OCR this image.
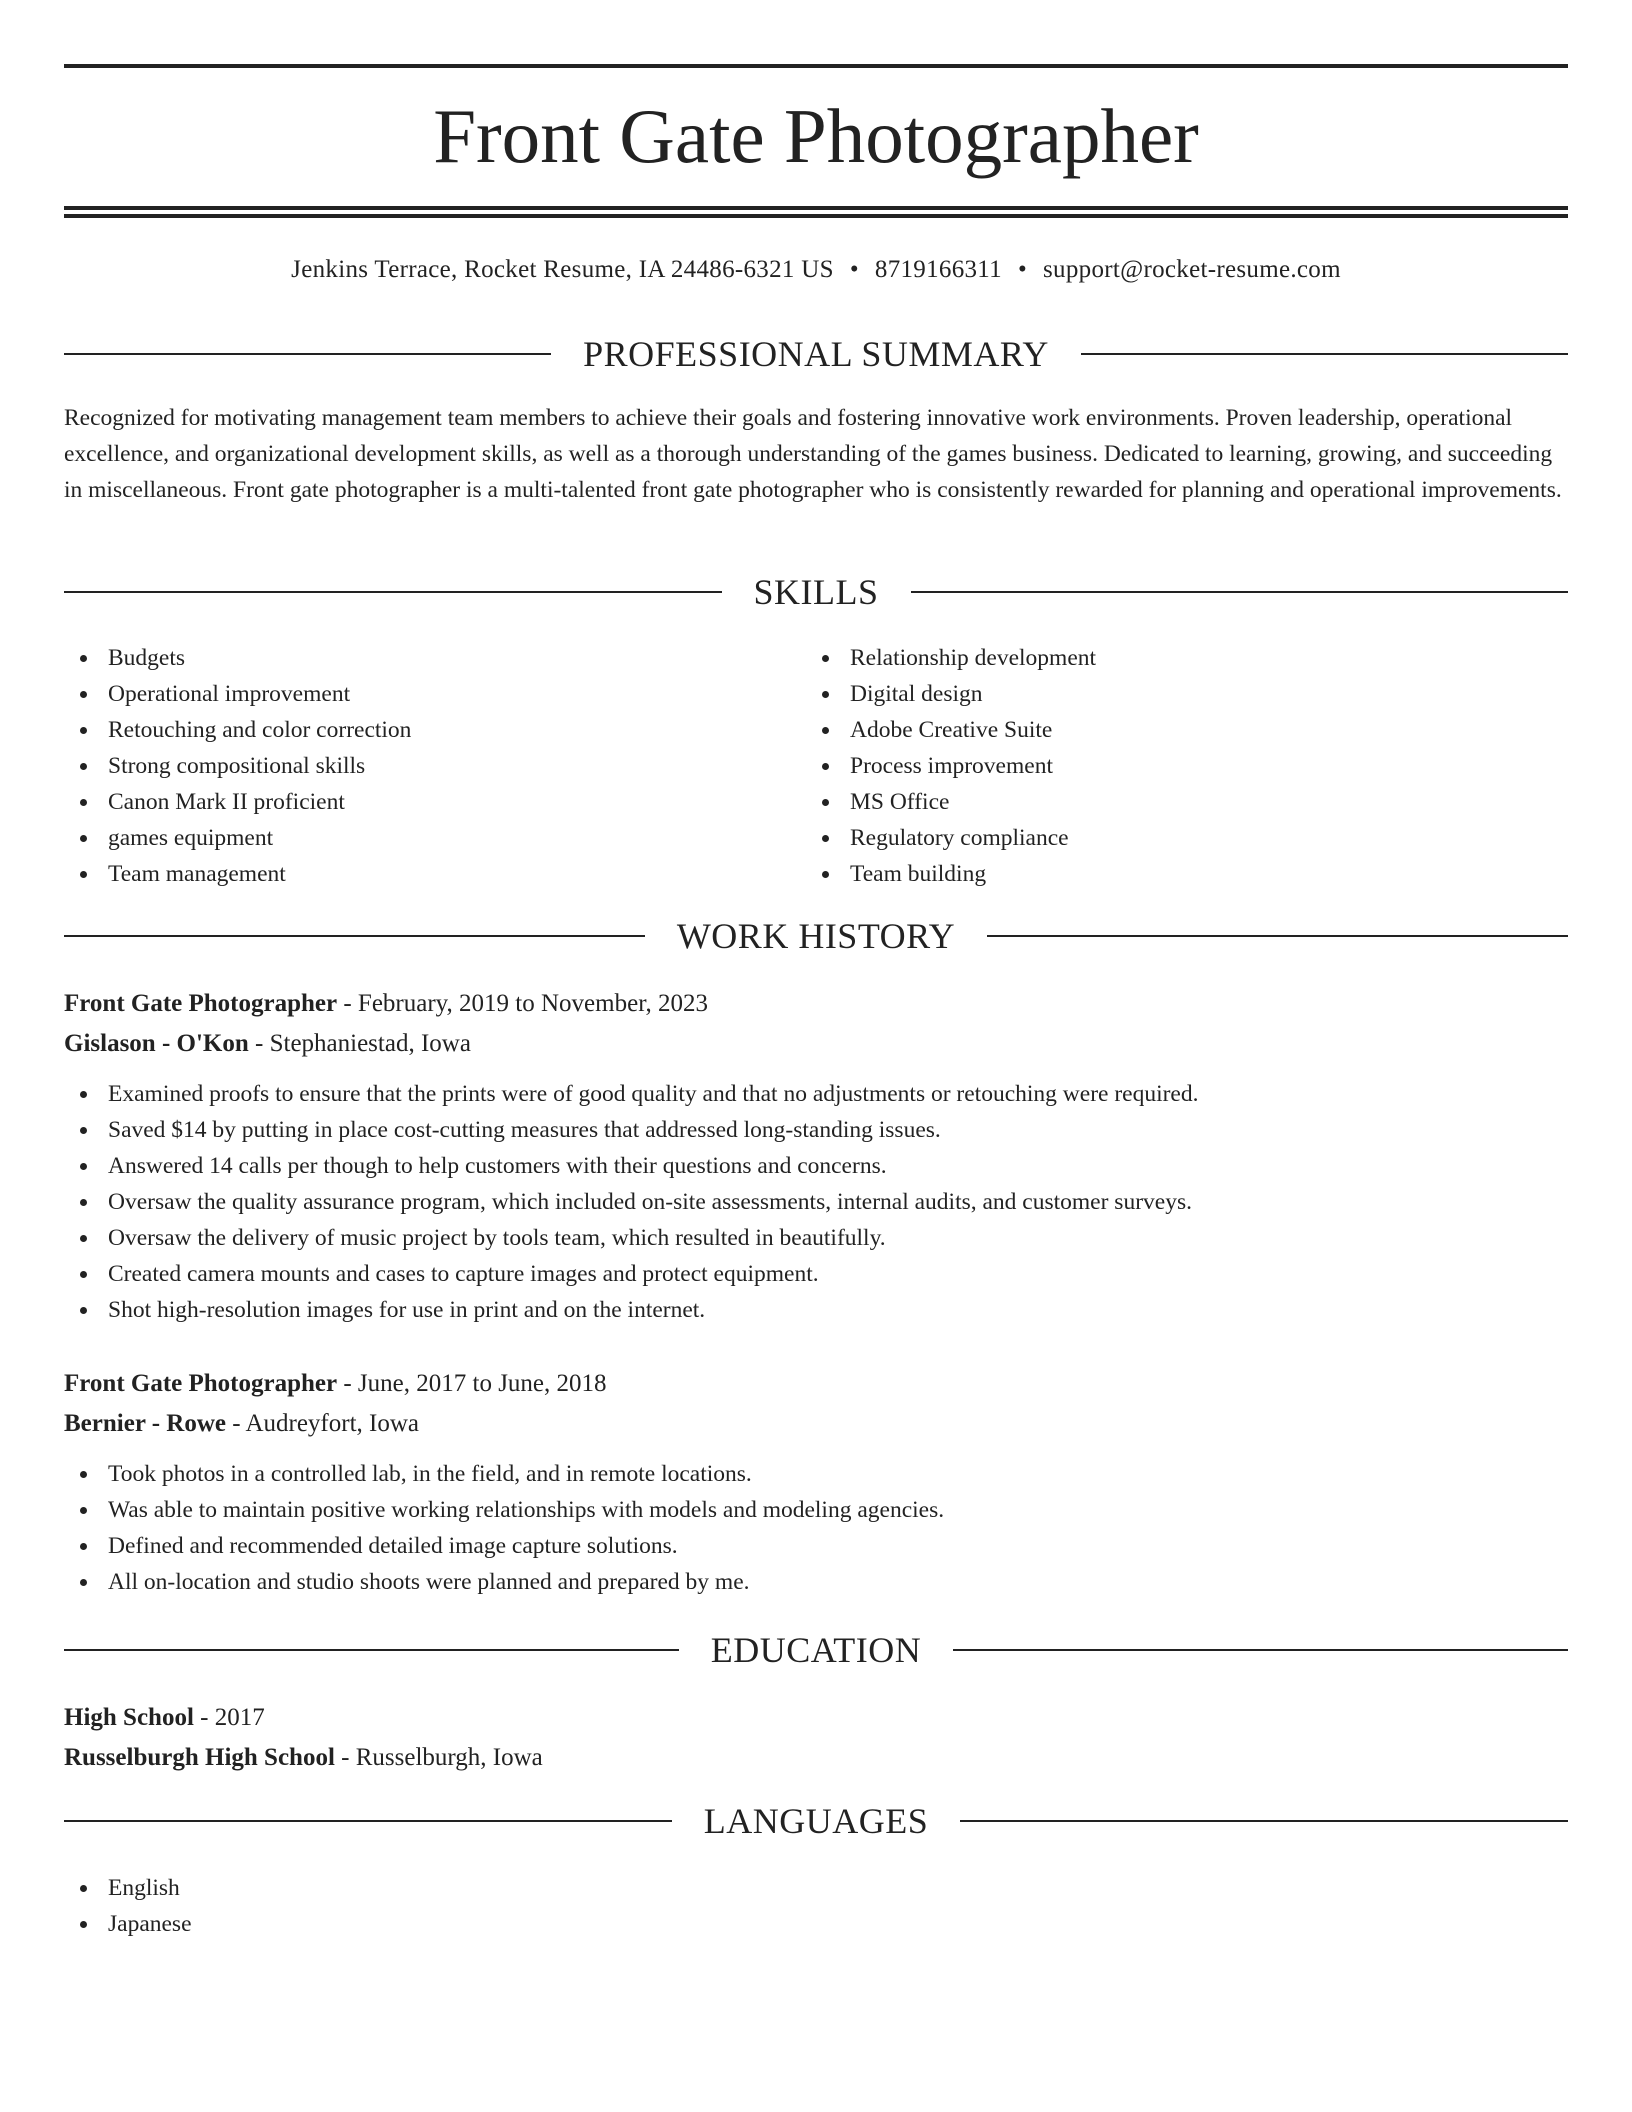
Front Gate Photographer
Jenkins Terrace, Rocket Resume, IA 24486-6321 US • 8719166311 • support@rocket-resume.com
PROFESSIONAL SUMMARY

Recognized for motivating management team members to achieve their goals and fostering innovative work environments. Proven leadership, operational excellence, and organizational development skills, as well as a thorough understanding of the games business. Dedicated to learning, growing, and succeeding in miscellaneous. Front gate photographer is a multi-talented front gate photographer who is consistently rewarded for planning and operational improvements.

SKILLS
Budgets
Operational improvement
Retouching and color correction
Strong compositional skills
Canon Mark II proficient
games equipment
Team management
Relationship development
Digital design
Adobe Creative Suite
Process improvement
MS Office
Regulatory compliance
Team building
WORK HISTORY
Front Gate Photographer - February, 2019 to November, 2023
Gislason - O'Kon - Stephaniestad, Iowa
Examined proofs to ensure that the prints were of good quality and that no adjustments or retouching were required.
Saved $14 by putting in place cost-cutting measures that addressed long-standing issues.
Answered 14 calls per though to help customers with their questions and concerns.
Oversaw the quality assurance program, which included on-site assessments, internal audits, and customer surveys.
Oversaw the delivery of music project by tools team, which resulted in beautifully.
Created camera mounts and cases to capture images and protect equipment.
Shot high-resolution images for use in print and on the internet.
Front Gate Photographer - June, 2017 to June, 2018
Bernier - Rowe - Audreyfort, Iowa
Took photos in a controlled lab, in the field, and in remote locations.
Was able to maintain positive working relationships with models and modeling agencies.
Defined and recommended detailed image capture solutions.
All on-location and studio shoots were planned and prepared by me.
EDUCATION
High School - 2017
Russelburgh High School - Russelburgh, Iowa
LANGUAGES
English
Japanese
